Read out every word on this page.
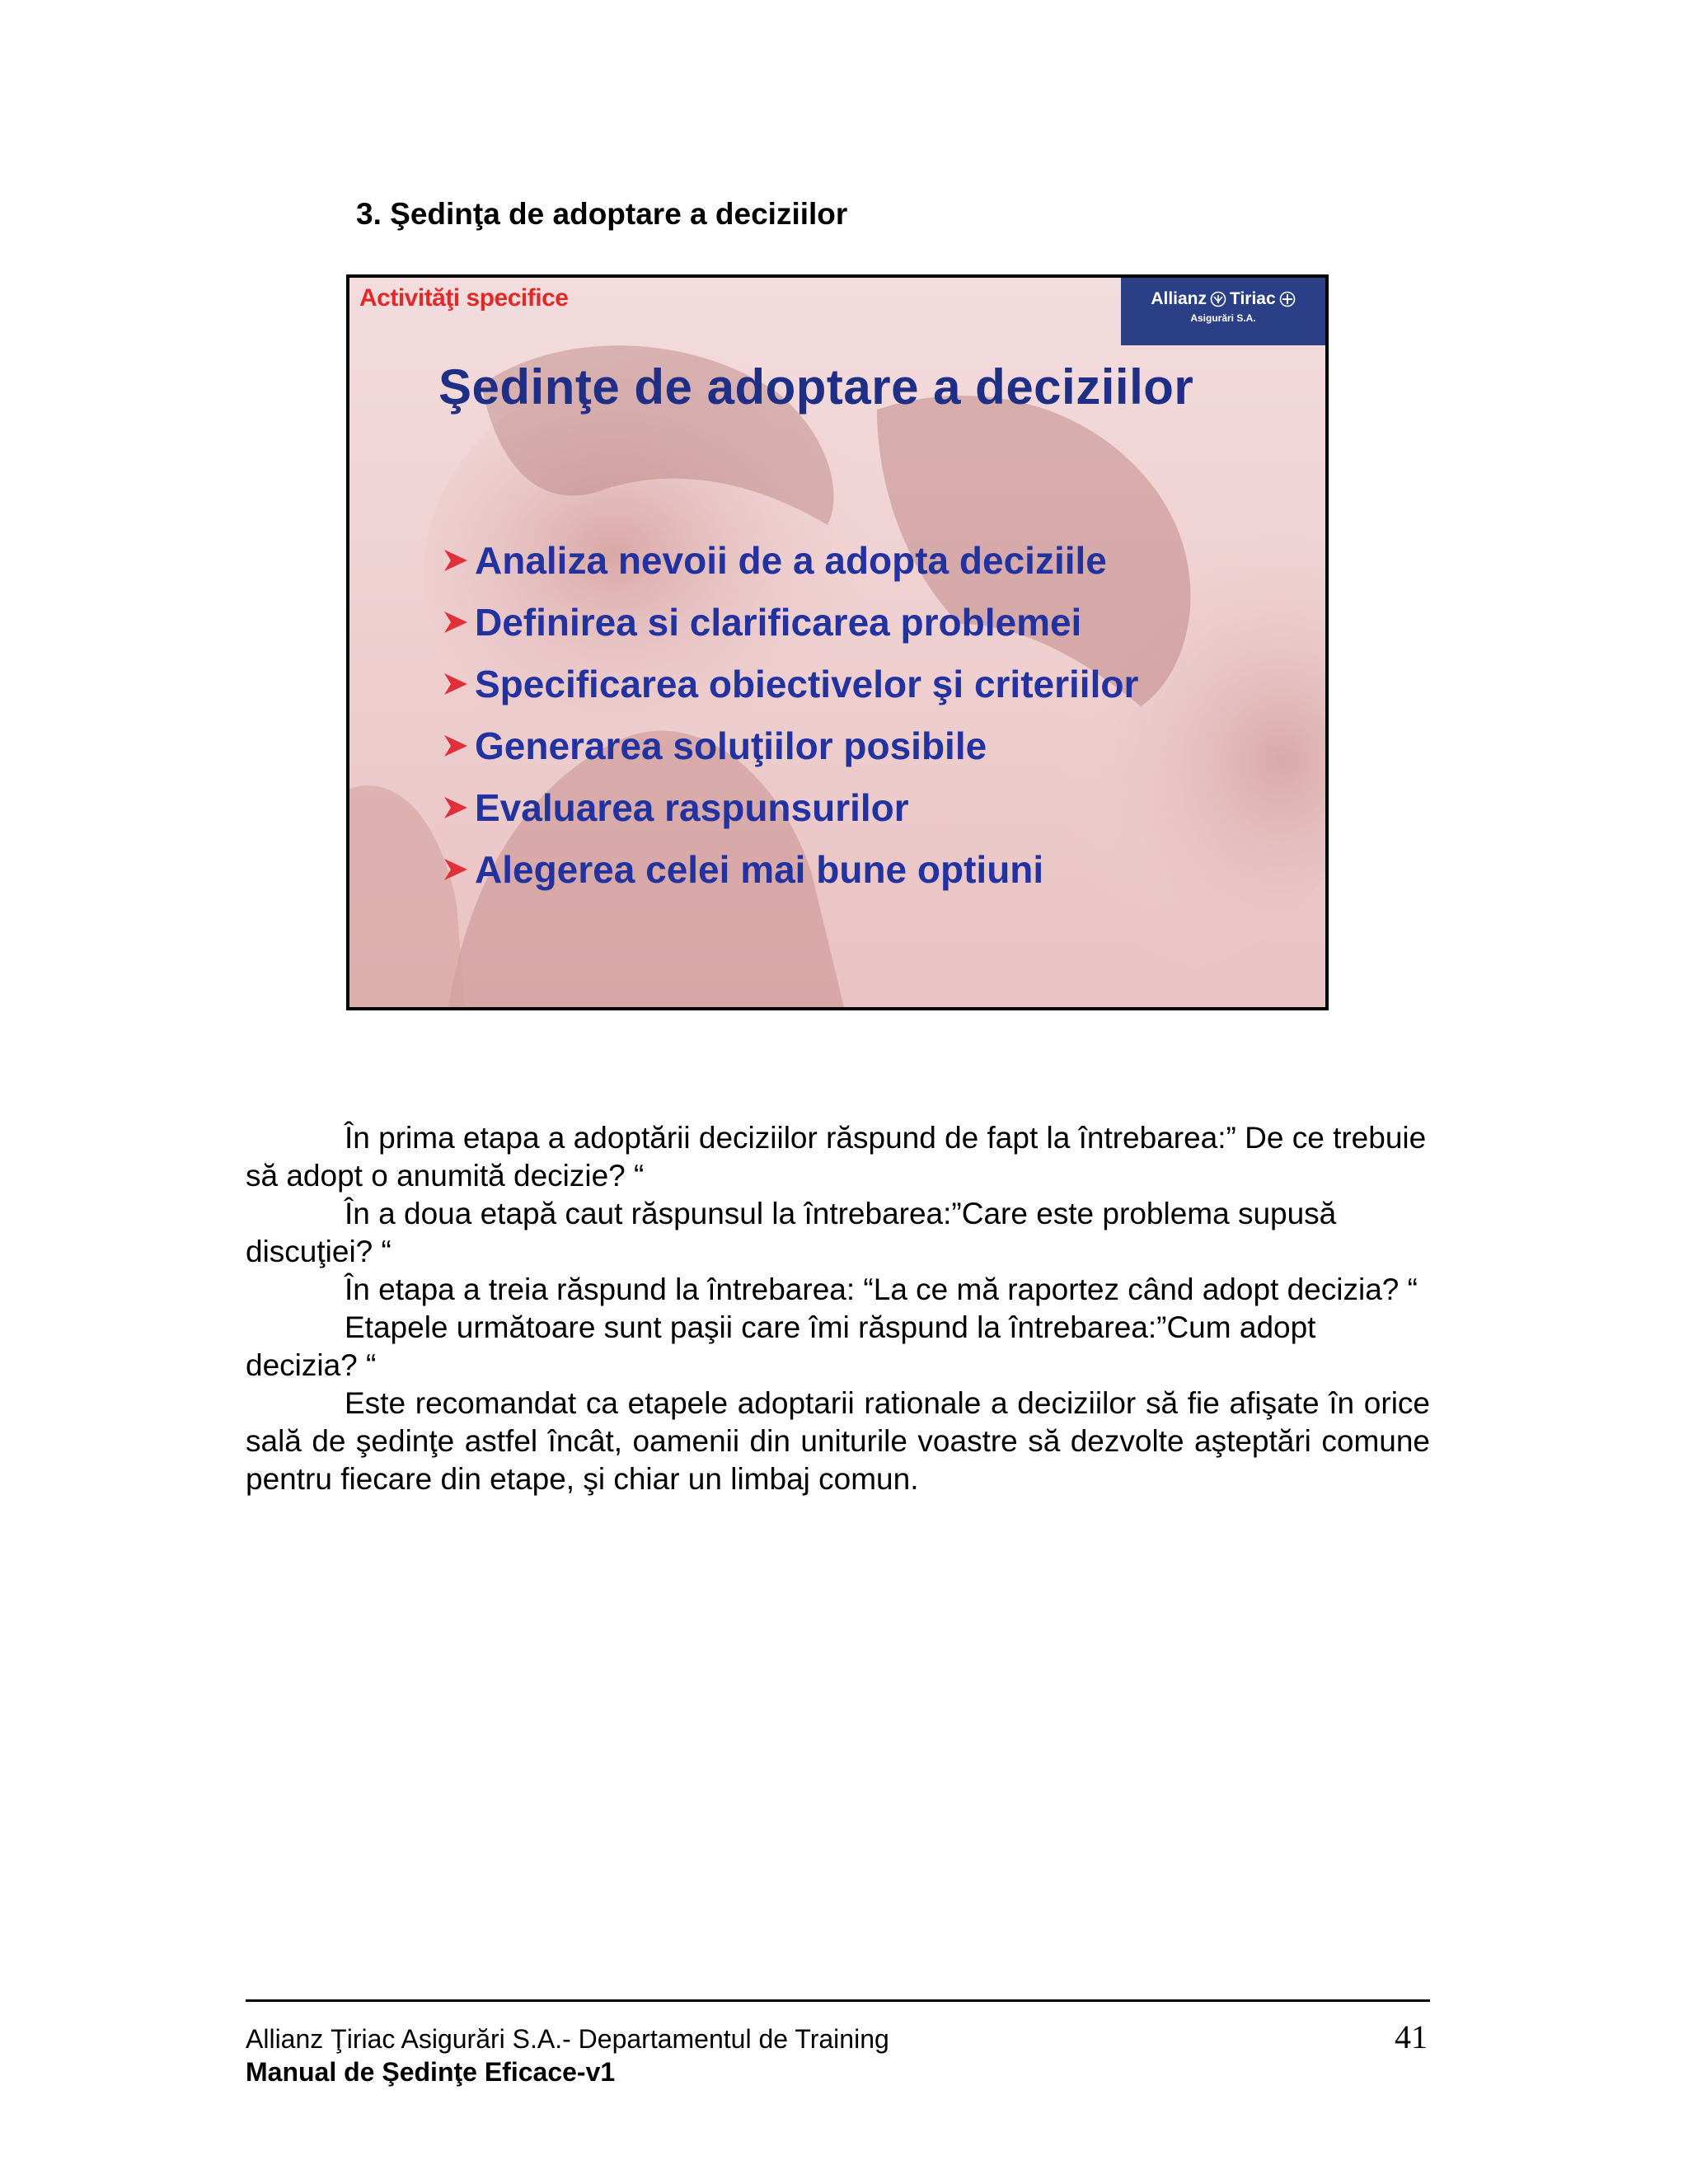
3. Şedinţa de adoptare a deciziilor
Activităţi specifice	Allianz Tiriac
Asigurări S.A.
Şedinţe de adoptare a deciziilor
Analiza nevoii de a adopta deciziile
Definirea si clarificarea problemei
Specificarea obiectivelor şi criteriilor
Generarea soluţiilor posibile
Evaluarea raspunsurilor
Alegerea celei mai bune optiuni

În prima etapa a adoptării deciziilor răspund de fapt la întrebarea:” De ce trebuie să adopt o anumită decizie? “

În a doua etapă caut răspunsul la întrebarea:”Care este problema supusă discuţiei? “

În etapa a treia răspund la întrebarea: “La ce mă raportez când adopt decizia? “

Etapele următoare sunt paşii care îmi răspund la întrebarea:”Cum adopt decizia? “

Este recomandat ca etapele adoptarii rationale a deciziilor să fie afişate în orice sală de şedinţe astfel încât, oamenii din uniturile voastre să dezvolte aşteptări comune pentru fiecare din etape, şi chiar un limbaj comun.

Allianz Ţiriac Asigurări S.A.- Departamentul de Training
Manual de Şedinţe Eficace-v1
41
